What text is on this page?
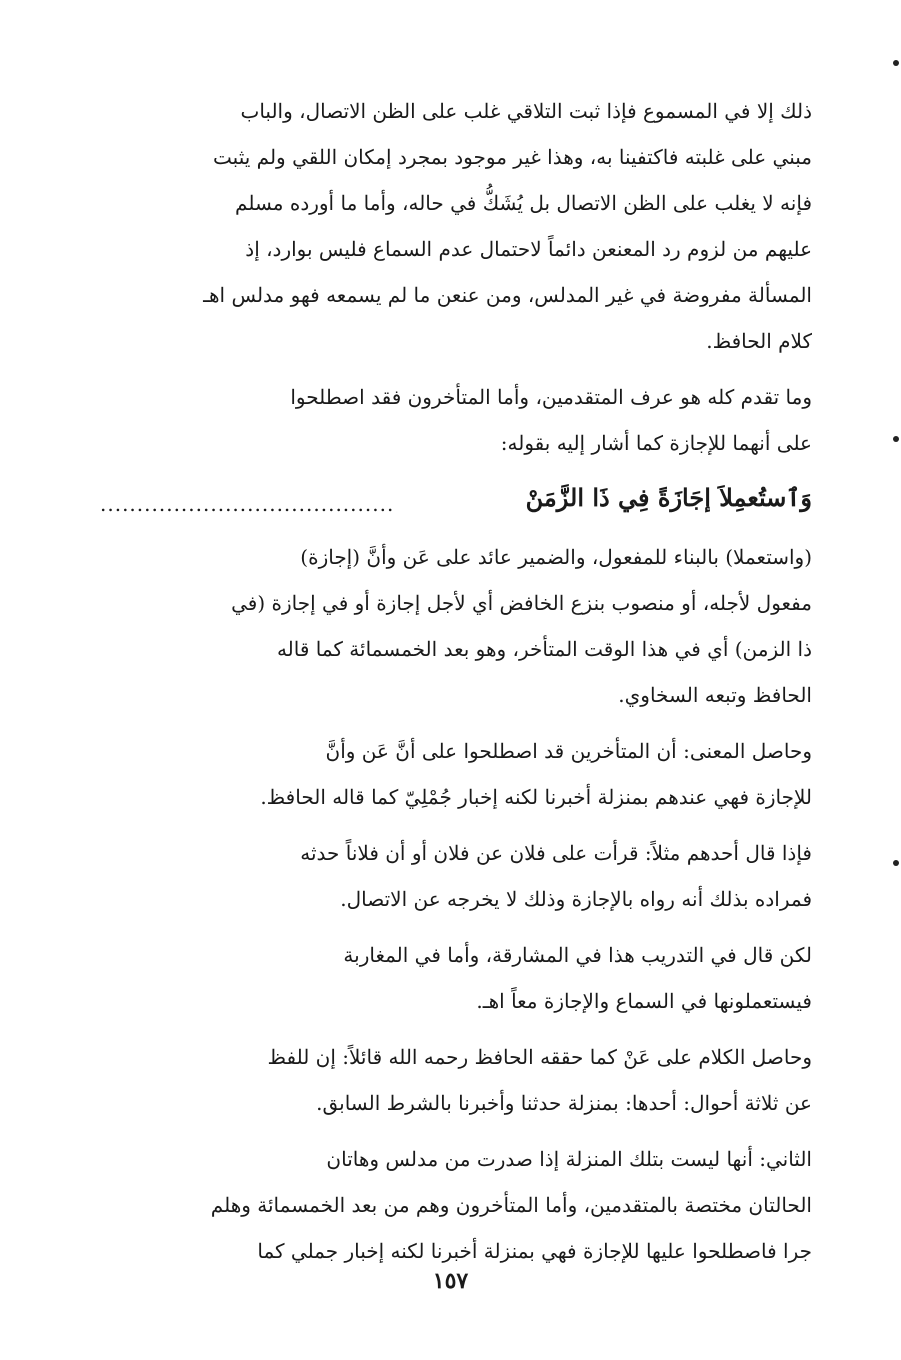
ذلك إلا في المسموع فإذا ثبت التلاقي غلب على الظن الاتصال، والباب
مبني على غلبته فاكتفينا به، وهذا غير موجود بمجرد إمكان اللقي ولم يثبت
فإنه لا يغلب على الظن الاتصال بل يُشَكُّ في حاله، وأما ما أورده مسلم
عليهم من لزوم رد المعنعن دائماً لاحتمال عدم السماع فليس بوارد، إذ
المسألة مفروضة في غير المدلس، ومن عنعن ما لم يسمعه فهو مدلس اهـ
كلام الحافظ.
وما تقدم كله هو عرف المتقدمين، وأما المتأخرون فقد اصطلحوا
على أنهما للإجازة كما أشار إليه بقوله:
وَٱستُعمِلاَ إجَازَةً فِي ذَا الزَّمَنْ
........................................
(واستعملا) بالبناء للمفعول، والضمير عائد على عَن وأنَّ (إجازة)
مفعول لأجله، أو منصوب بنزع الخافض أي لأجل إجازة أو في إجازة (في
ذا الزمن) أي في هذا الوقت المتأخر، وهو بعد الخمسمائة كما قاله
الحافظ وتبعه السخاوي.
وحاصل المعنى: أن المتأخرين قد اصطلحوا على أنَّ عَن وأنَّ
للإجازة فهي عندهم بمنزلة أخبرنا لكنه إخبار جُمْلِيّ كما قاله الحافظ.
فإذا قال أحدهم مثلاً: قرأت على فلان عن فلان أو أن فلاناً حدثه
فمراده بذلك أنه رواه بالإجازة وذلك لا يخرجه عن الاتصال.
لكن قال في التدريب هذا في المشارقة، وأما في المغاربة
فيستعملونها في السماع والإجازة معاً اهـ.
وحاصل الكلام على عَنْ كما حققه الحافظ رحمه الله قائلاً: إن للفظ
عن ثلاثة أحوال: أحدها: بمنزلة حدثنا وأخبرنا بالشرط السابق.
الثاني: أنها ليست بتلك المنزلة إذا صدرت من مدلس وهاتان
الحالتان مختصة بالمتقدمين، وأما المتأخرون وهم من بعد الخمسمائة وهلم
جرا فاصطلحوا عليها للإجازة فهي بمنزلة أخبرنا لكنه إخبار جملي كما
١٥٧
